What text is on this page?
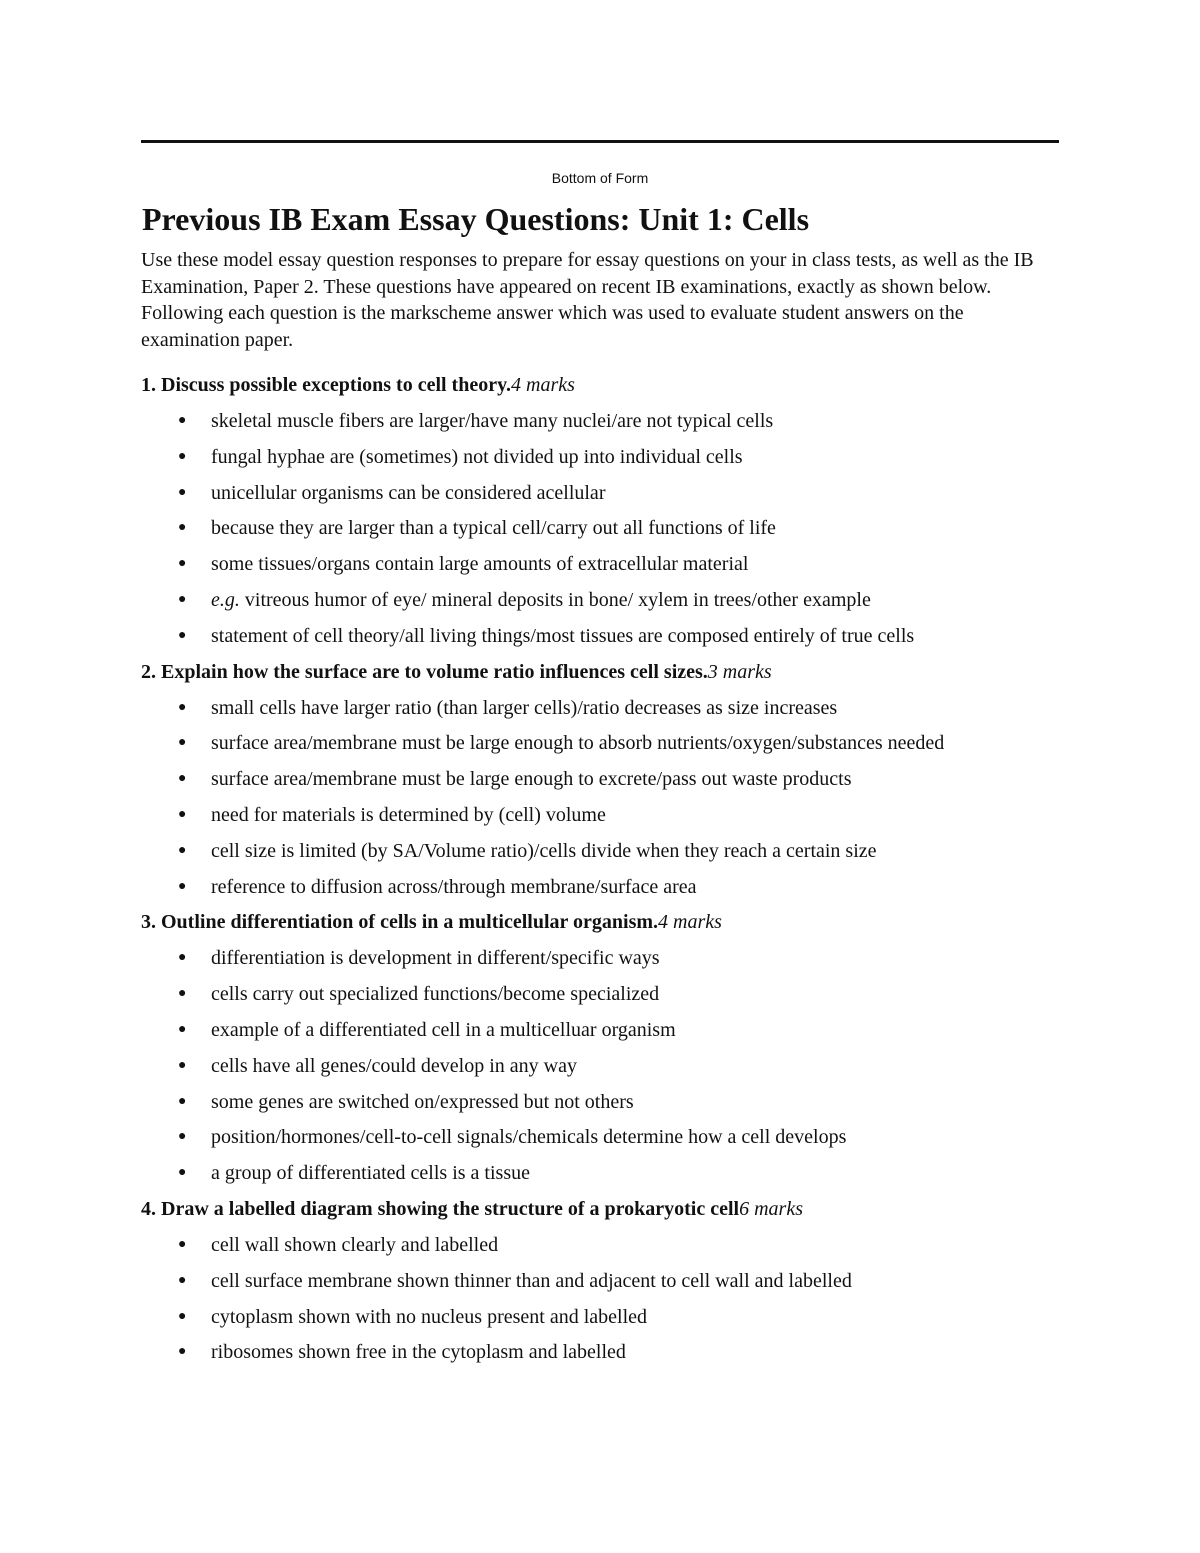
Bottom of Form
Previous IB Exam Essay Questions: Unit 1: Cells

Use these model essay question responses to prepare for essay questions on your in class tests, as well as the IB Examination, Paper 2. These questions have appeared on recent IB examinations, exactly as shown below. Following each question is the markscheme answer which was used to evaluate student answers on the examination paper.

1. Discuss possible exceptions to cell theory.4 marks
● skeletal muscle fibers are larger/have many nuclei/are not typical cells
● fungal hyphae are (sometimes) not divided up into individual cells
● unicellular organisms can be considered acellular
● because they are larger than a typical cell/carry out all functions of life
● some tissues/organs contain large amounts of extracellular material
● e.g. vitreous humor of eye/ mineral deposits in bone/ xylem in trees/other example
● statement of cell theory/all living things/most tissues are composed entirely of true cells
2. Explain how the surface are to volume ratio influences cell sizes.3 marks
● small cells have larger ratio (than larger cells)/ratio decreases as size increases
● surface area/membrane must be large enough to absorb nutrients/oxygen/substances needed
● surface area/membrane must be large enough to excrete/pass out waste products
● need for materials is determined by (cell) volume
● cell size is limited (by SA/Volume ratio)/cells divide when they reach a certain size
● reference to diffusion across/through membrane/surface area
3. Outline differentiation of cells in a multicellular organism.4 marks
● differentiation is development in different/specific ways
● cells carry out specialized functions/become specialized
● example of a differentiated cell in a multicelluar organism
● cells have all genes/could develop in any way
● some genes are switched on/expressed but not others
● position/hormones/cell-to-cell signals/chemicals determine how a cell develops
● a group of differentiated cells is a tissue
4. Draw a labelled diagram showing the structure of a prokaryotic cell6 marks
● cell wall shown clearly and labelled
● cell surface membrane shown thinner than and adjacent to cell wall and labelled
● cytoplasm shown with no nucleus present and labelled
● ribosomes shown free in the cytoplasm and labelled
